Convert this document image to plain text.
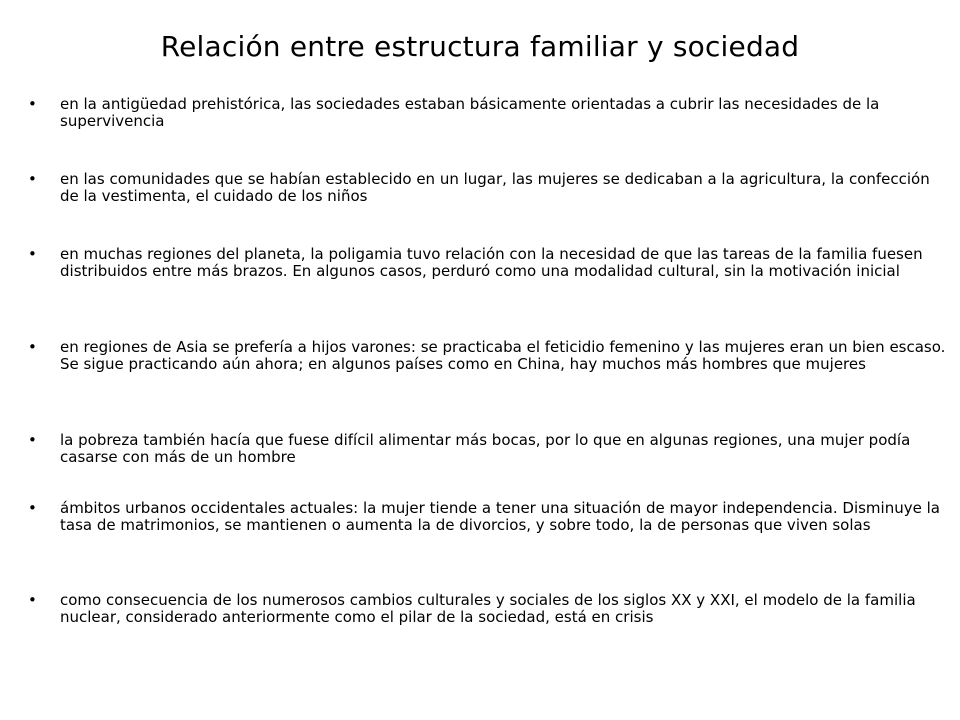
Relación entre estructura familiar y sociedad
•	en la antigüedad prehistórica, las sociedades estaban básicamente orientadas a cubrir las necesidades de la supervivencia
•	en las comunidades que se habían establecido en un lugar, las mujeres se dedicaban a la agricultura, la confección de la vestimenta, el cuidado de los niños
•	en muchas regiones del planeta, la poligamia tuvo relación con la necesidad de que las tareas de la familia fuesen distribuidos entre más brazos. En algunos casos, perduró como una modalidad cultural, sin la motivación inicial
•	en regiones de Asia se prefería a hijos varones: se practicaba el feticidio femenino y las mujeres eran un bien escaso. Se sigue practicando aún ahora; en algunos países como en China, hay muchos más hombres que mujeres
•	la pobreza también hacía que fuese difícil alimentar más bocas, por lo que en algunas regiones, una mujer podía casarse con más de un hombre
•	ámbitos urbanos occidentales actuales: la mujer tiende a tener una situación de mayor independencia. Disminuye la tasa de matrimonios, se mantienen o aumenta la de divorcios, y sobre todo, la de personas que viven solas
•	como consecuencia de los numerosos cambios culturales y sociales de los siglos XX y XXI, el modelo de la familia nuclear, considerado anteriormente como el pilar de la sociedad, está en crisis
